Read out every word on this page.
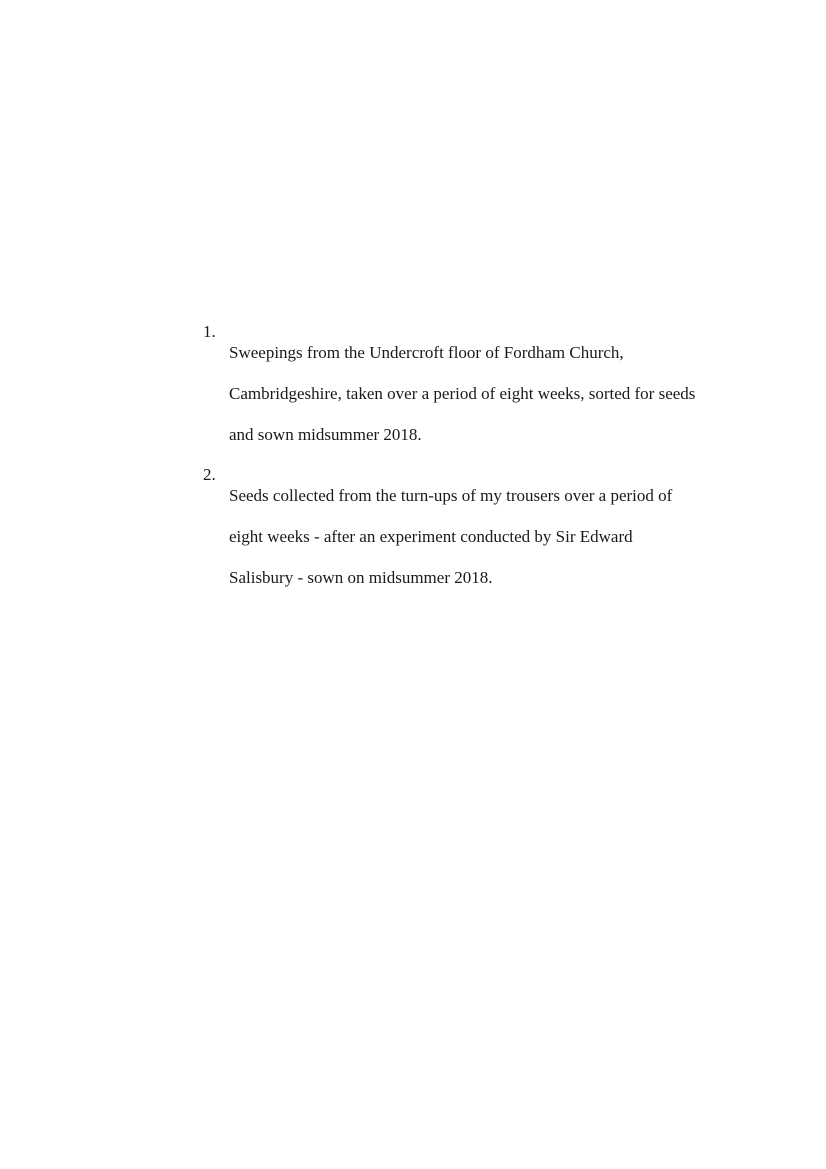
1.

Sweepings from the Undercroft floor of Fordham Church,

Cambridgeshire, taken over a period of eight weeks, sorted for seeds

and sown midsummer 2018.

2.

Seeds collected from the turn-ups of my trousers over a period of

eight weeks - after an experiment conducted by Sir Edward

Salisbury - sown on midsummer 2018.
